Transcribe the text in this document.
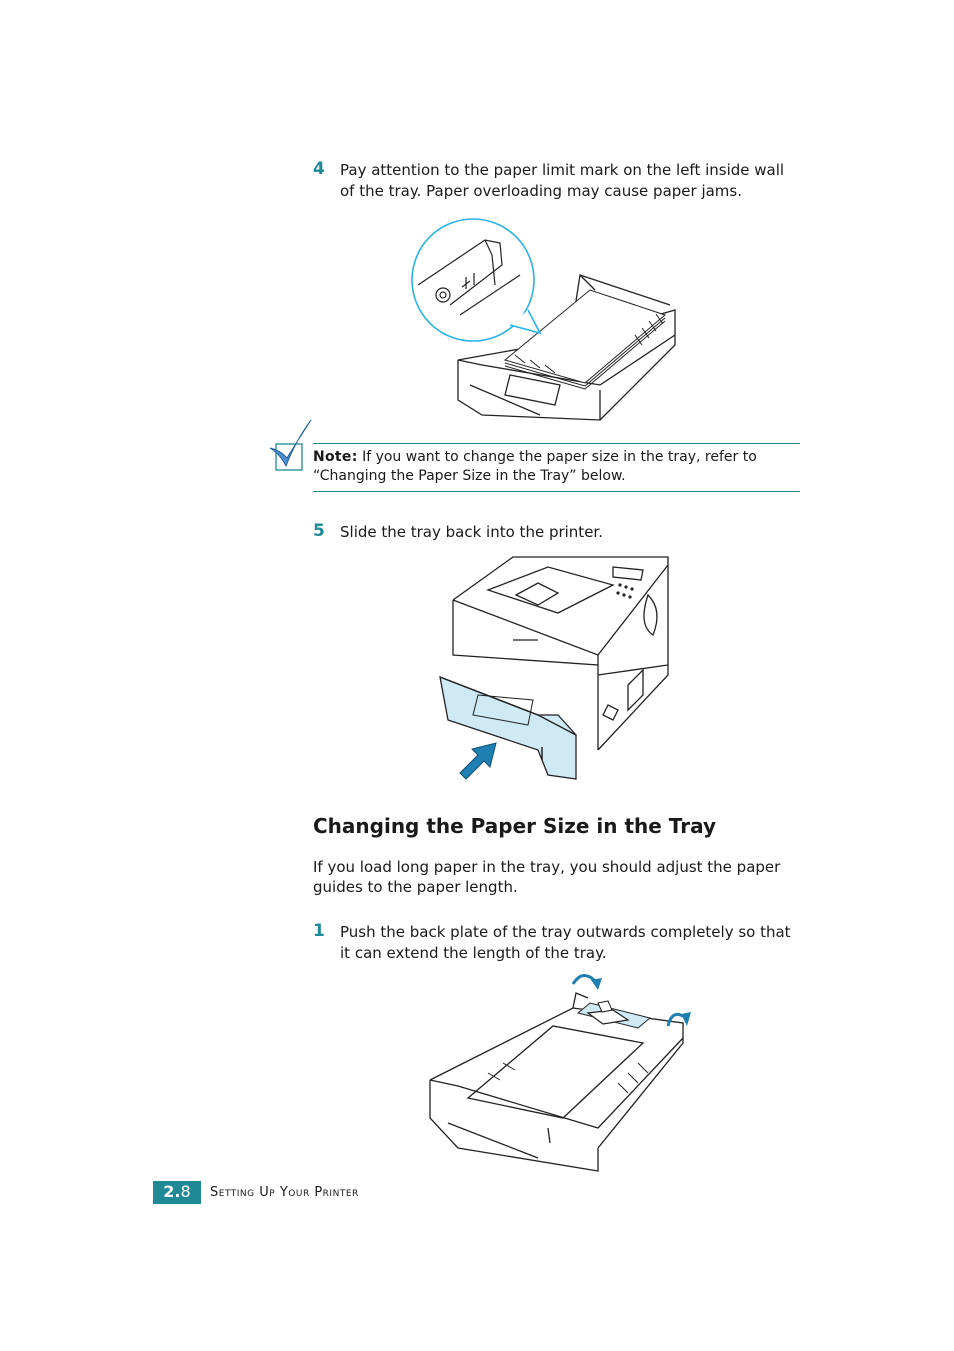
4 Pay attention to the paper limit mark on the left inside wall of the tray. Paper overloading may cause paper jams.
Note: If you want to change the paper size in the tray, refer to “Changing the Paper Size in the Tray” below.
5 Slide the tray back into the printer.
Changing the Paper Size in the Tray
If you load long paper in the tray, you should adjust the paper guides to the paper length.
1 Push the back plate of the tray outwards completely so that it can extend the length of the tray.
2.8	Setting Up Your Printer
